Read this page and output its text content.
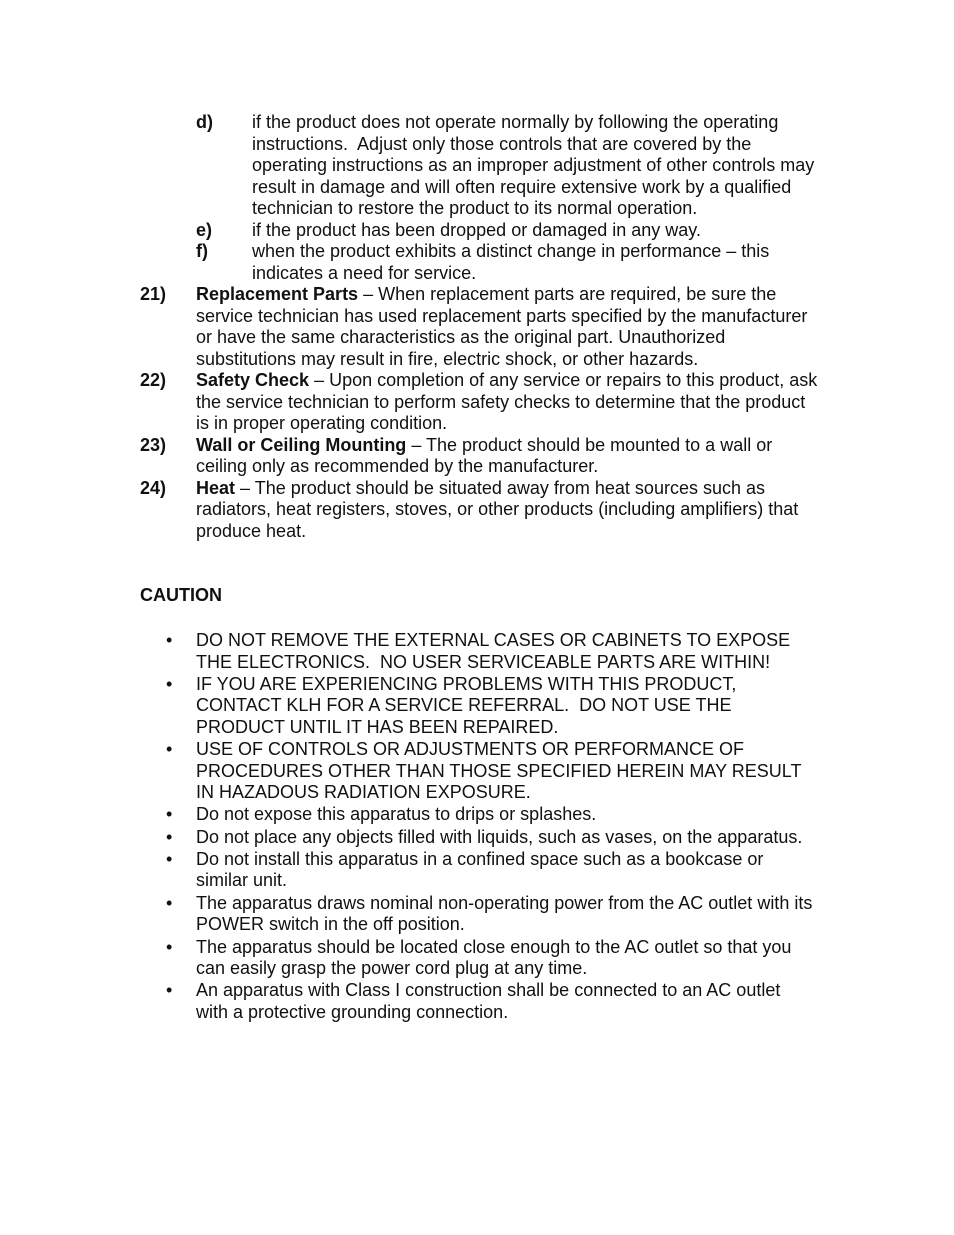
d)	if the product does not operate normally by following the operating instructions.  Adjust only those controls that are covered by the operating instructions as an improper adjustment of other controls may result in damage and will often require extensive work by a qualified technician to restore the product to its normal operation.
e)	if the product has been dropped or damaged in any way.
f)	when the product exhibits a distinct change in performance – this indicates a need for service.
21)	Replacement Parts – When replacement parts are required, be sure the service technician has used replacement parts specified by the manufacturer or have the same characteristics as the original part. Unauthorized substitutions may result in fire, electric shock, or other hazards.
22)	Safety Check – Upon completion of any service or repairs to this product, ask the service technician to perform safety checks to determine that the product is in proper operating condition.
23)	Wall or Ceiling Mounting – The product should be mounted to a wall or ceiling only as recommended by the manufacturer.
24)	Heat – The product should be situated away from heat sources such as radiators, heat registers, stoves, or other products (including amplifiers) that produce heat.
CAUTION
•	DO NOT REMOVE THE EXTERNAL CASES OR CABINETS TO EXPOSE THE ELECTRONICS.  NO USER SERVICEABLE PARTS ARE WITHIN!
•	IF YOU ARE EXPERIENCING PROBLEMS WITH THIS PRODUCT, CONTACT KLH FOR A SERVICE REFERRAL.  DO NOT USE THE PRODUCT UNTIL IT HAS BEEN REPAIRED.
•	USE OF CONTROLS OR ADJUSTMENTS OR PERFORMANCE OF PROCEDURES OTHER THAN THOSE SPECIFIED HEREIN MAY RESULT IN HAZADOUS RADIATION EXPOSURE.
•	Do not expose this apparatus to drips or splashes.
•	Do not place any objects filled with liquids, such as vases, on the apparatus.
•	Do not install this apparatus in a confined space such as a bookcase or similar unit.
•	The apparatus draws nominal non-operating power from the AC outlet with its POWER switch in the off position.
•	The apparatus should be located close enough to the AC outlet so that you can easily grasp the power cord plug at any time.
•	An apparatus with Class I construction shall be connected to an AC outlet with a protective grounding connection.
